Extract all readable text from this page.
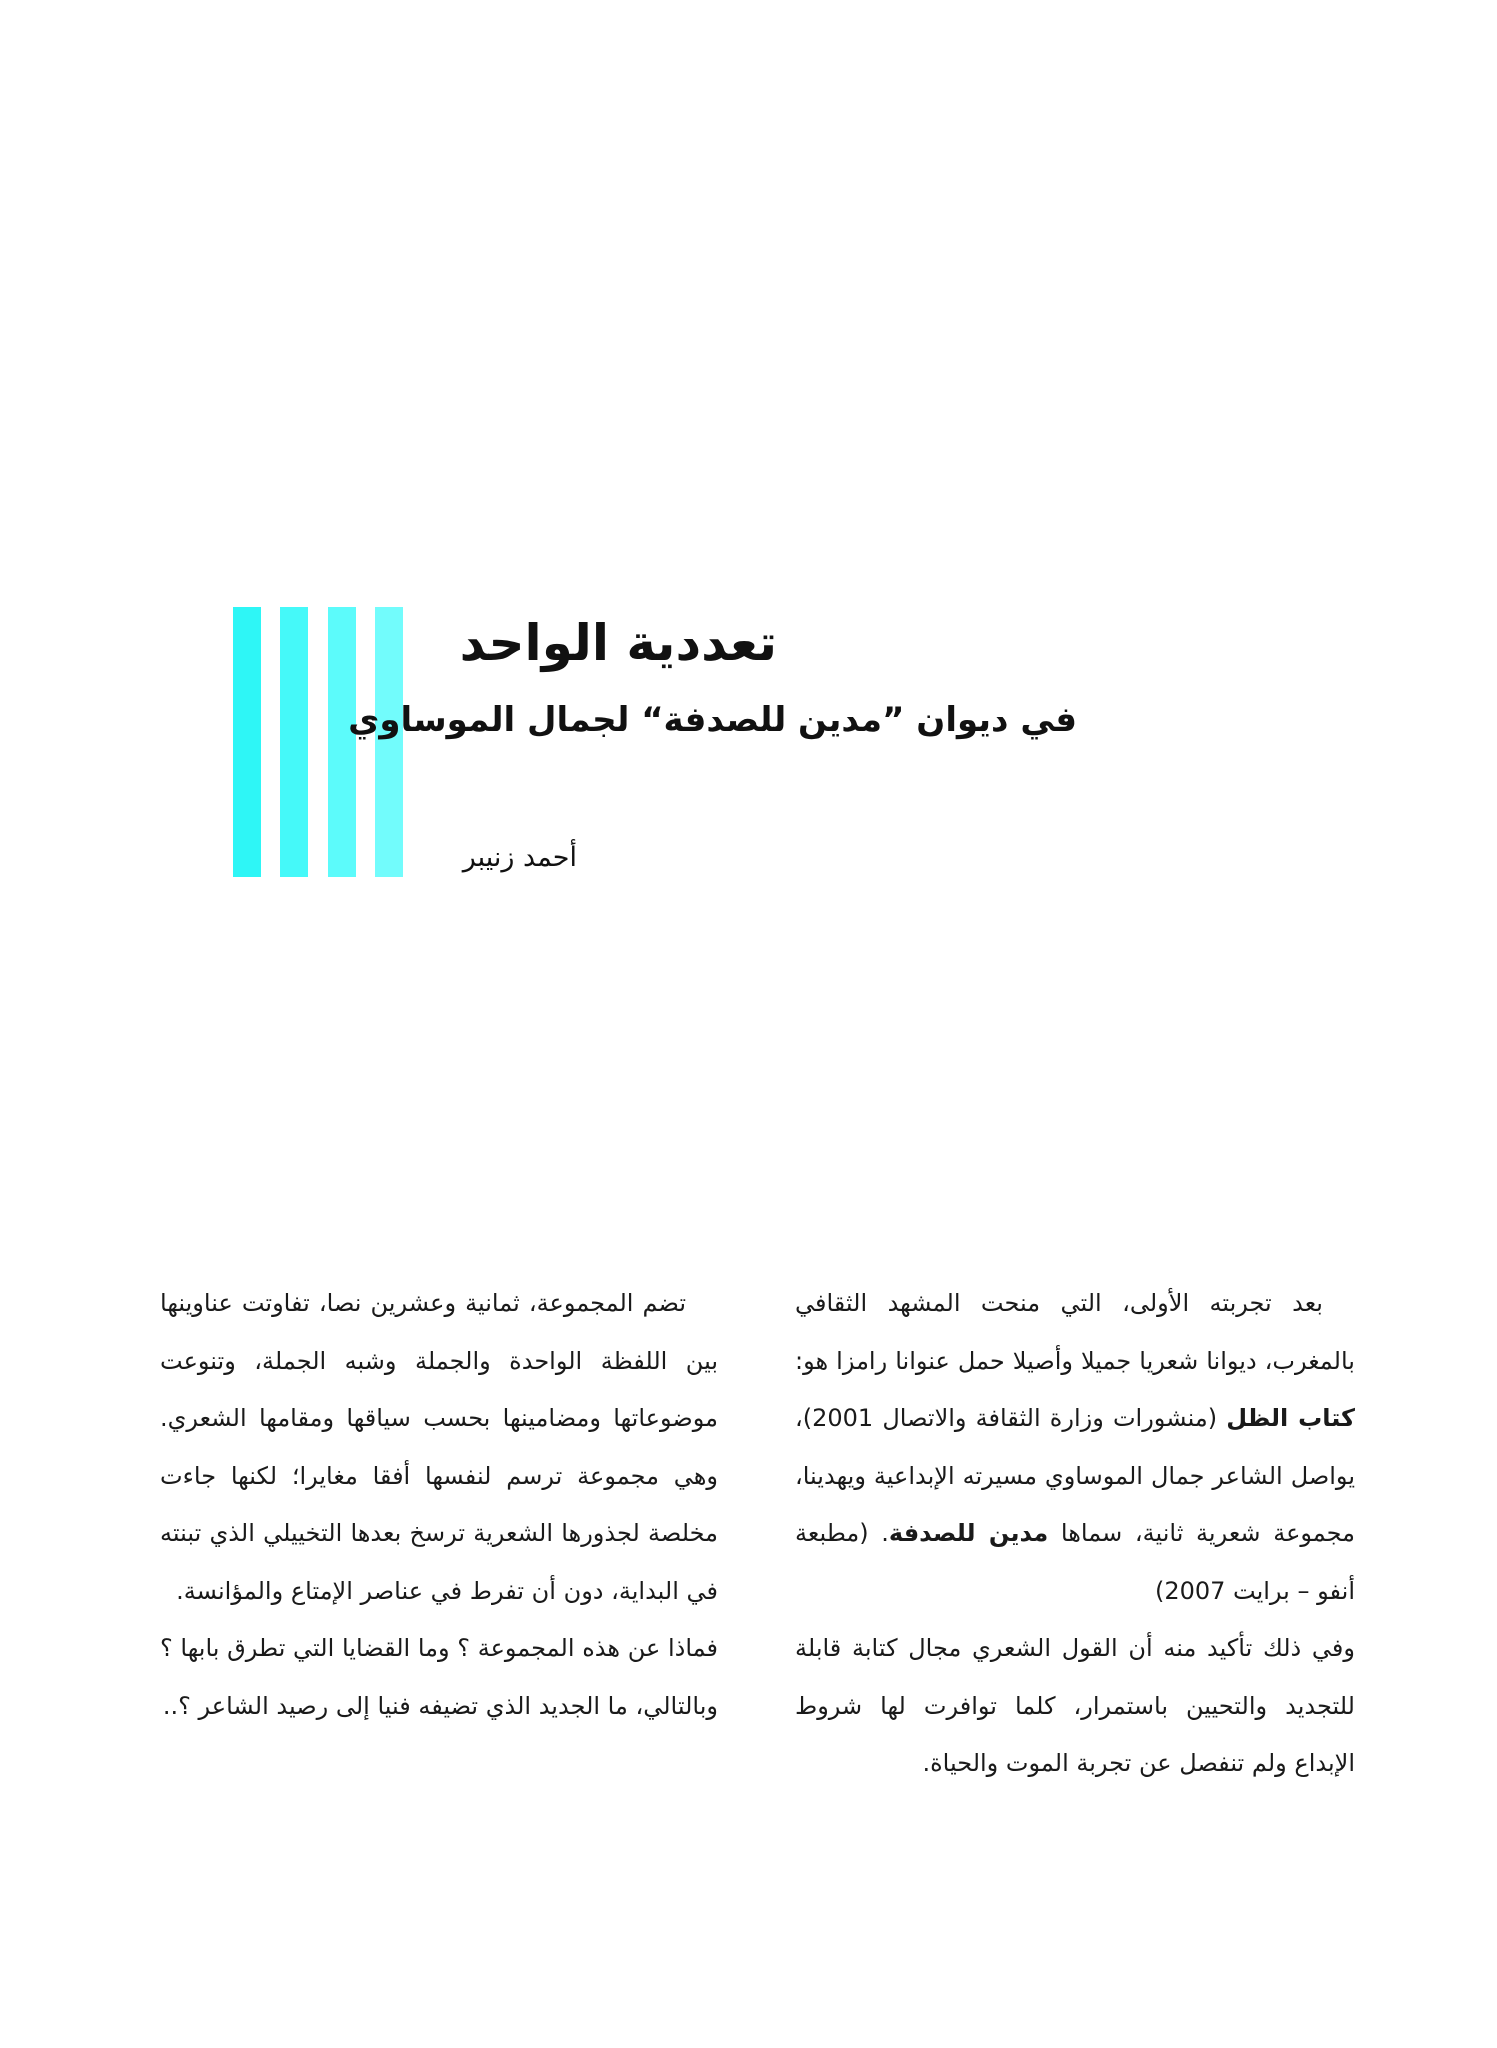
تعددية الواحد
في ديوان ”مدين للصدفة“ لجمال الموساوي
أحمد زنيبر

بعد تجربته الأولى، التي منحت المشهد الثقافي بالمغرب، ديوانا شعريا جميلا وأصيلا حمل عنوانا رامزا هو: كتاب الظل (منشورات وزارة الثقافة والاتصال 2001)، يواصل الشاعر جمال الموساوي مسيرته الإبداعية ويهدينا، مجموعة شعرية ثانية، سماها مدين للصدفة. (مطبعة أنفو – برايت 2007)

وفي ذلك تأكيد منه أن القول الشعري مجال كتابة قابلة للتجديد والتحيين باستمرار، كلما توافرت لها شروط الإبداع ولم تنفصل عن تجربة الموت والحياة.

تضم المجموعة، ثمانية وعشرين نصا، تفاوتت عناوينها بين اللفظة الواحدة والجملة وشبه الجملة، وتنوعت موضوعاتها ومضامينها بحسب سياقها ومقامها الشعري. وهي مجموعة ترسم لنفسها أفقا مغايرا؛ لكنها جاءت مخلصة لجذورها الشعرية ترسخ بعدها التخييلي الذي تبنته في البداية، دون أن تفرط في عناصر الإمتاع والمؤانسة.

فماذا عن هذه المجموعة ؟ وما القضايا التي تطرق بابها ؟ وبالتالي، ما الجديد الذي تضيفه فنيا إلى رصيد الشاعر ؟..
